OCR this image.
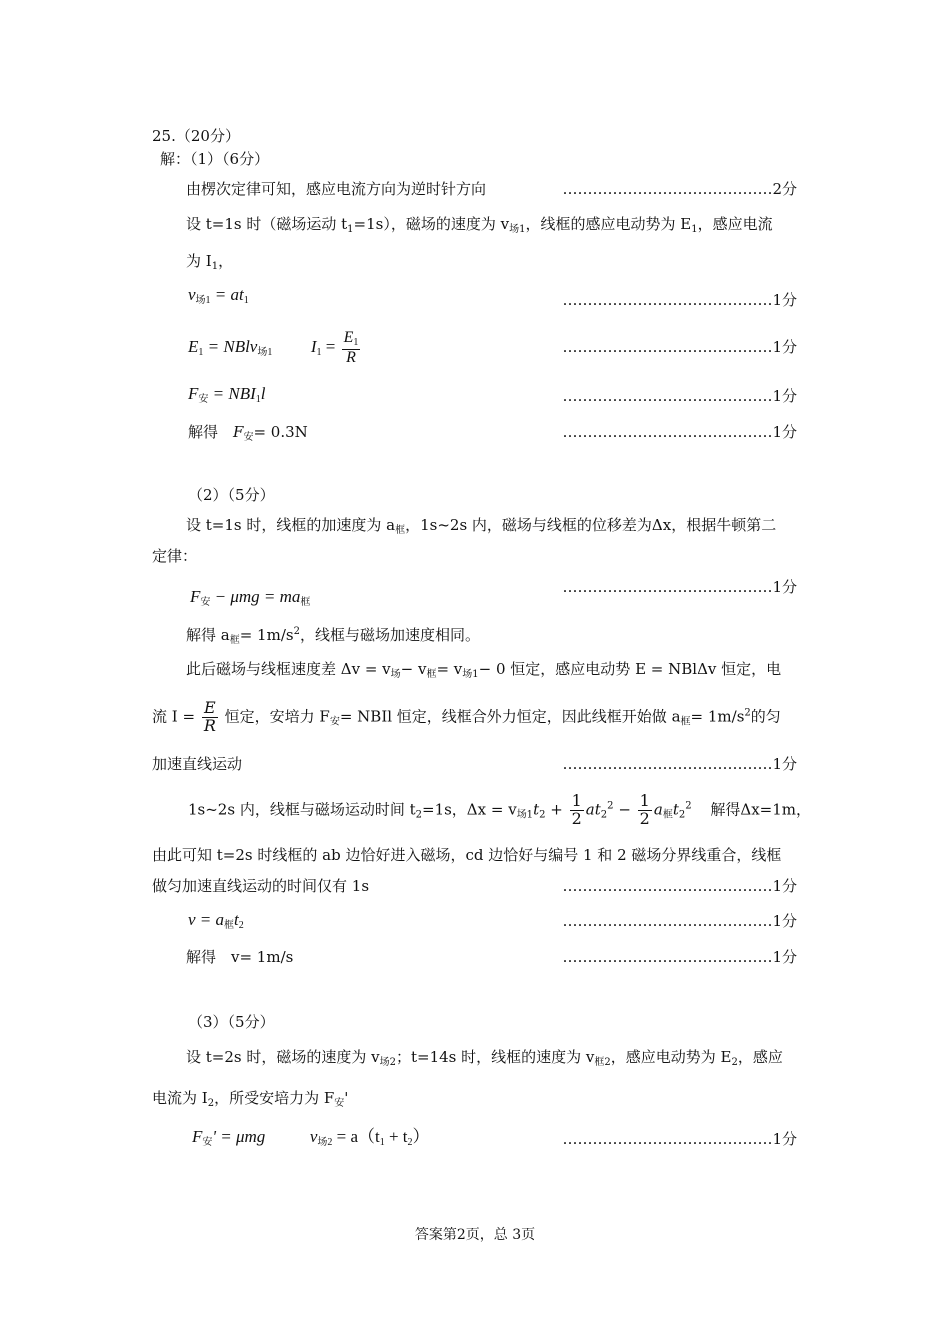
25.（20分）
解：（1）（6分）
由楞次定律可知，感应电流方向为逆时针方向	……………………………………2分
设 t=1s 时（磁场运动 $t_1=1s$），磁场的速度为 $v_{场1}$，线框的感应电动势为 $E_1$，感应电流
为 $I_1$，
$v_{场1} = at_1$	……………………………………1分
$E_1$ = NBlv$_{场1}$ $I_1 = \frac{E_1}{R}$	……………………………………1分
$F_安 = NBI_1l$	……………………………………1分
解得　 $F_安= 0.3N$	……………………………………1分
（2）（5分）
设 t=1s 时，线框的加速度为 $a_框$，1s~2s 内，磁场与线框的位移差为Δx，根据牛顿第二
定律：
$F_安 - \mu mg = ma_框$
……………………………………1分
解得 $a_框= 1m/s^2$，线框与磁场加速度相同。
此后磁场与线框速度差 $\Delta v = v_场- v_框= v_{场1}- 0$ 恒定，感应电动势 E = NBlΔv 恒定，电
流 $I = \frac{E}{R}$ 恒定，安培力 $F_安=$ NBIl 恒定，线框合外力恒定，因此线框开始做 $a_框= 1m/s^2$的匀
加速直线运动	……………………………………1分
1s~2s 内，线框与磁场运动时间 $t_2=1s$，$\Delta x = v_{场1}t_2 + \frac{1}{2} at_2^2 - \frac{1}{2} a_框t_2^2$ 解得Δx=1m，
由此可知 t=2s 时线框的 ab 边恰好进入磁场，cd 边恰好与编号 1 和 2 磁场分界线重合，线框
做匀加速直线运动的时间仅有 1s	……………………………………1分
$v = a_框t_2$	……………………………………1分
解得　v= 1m/s	……………………………………1分
（3）（5分）
设 t=2s 时，磁场的速度为 $v_{场2}$；t=14s 时，线框的速度为 $v_{框2}$，感应电动势为 $E_2$，感应
电流为 $I_2$，所受安培力为 $F_安'$
$F_安' = \mu mg$	$v_{场2} = a(t_1 + t_2)$	……………………………………1分
答案第2页，总 3页
